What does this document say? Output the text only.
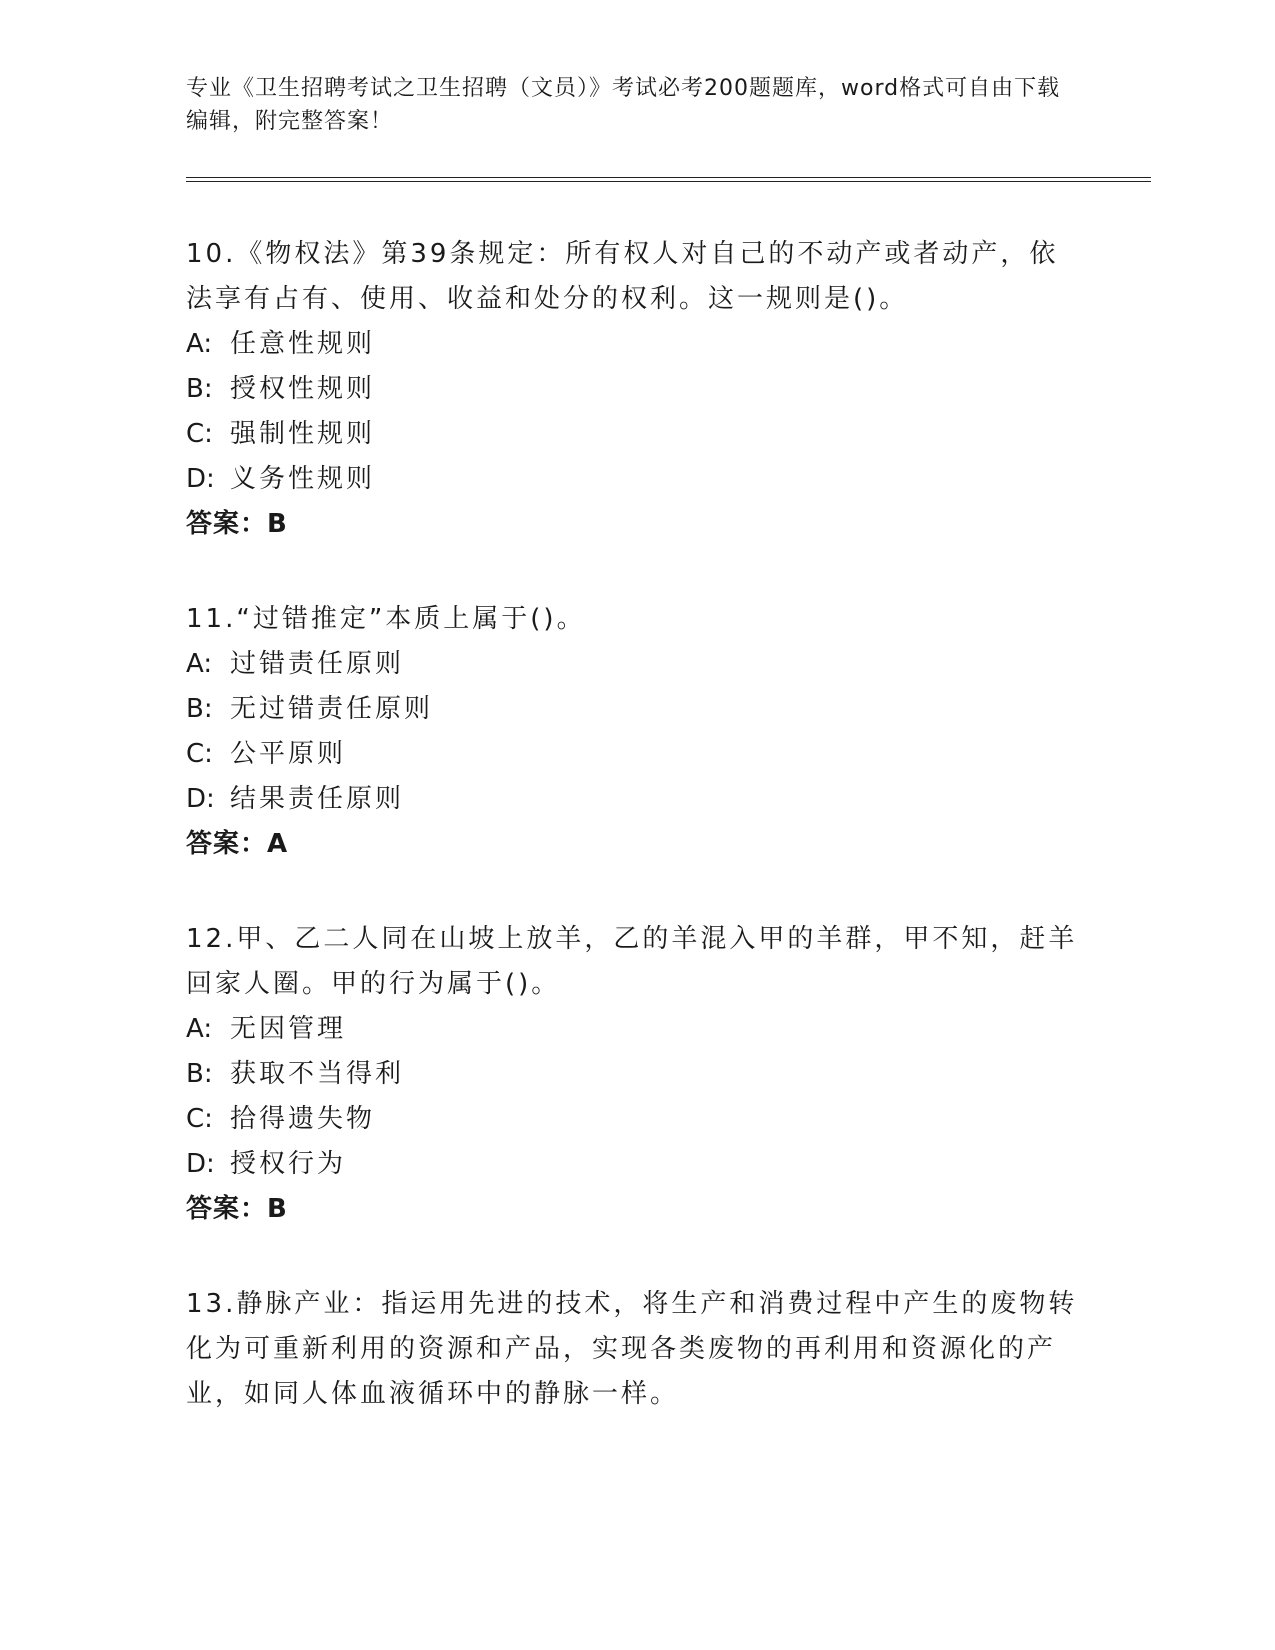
专业《卫生招聘考试之卫生招聘（文员）》考试必考200题题库，word格式可自由下载编辑，附完整答案！

10.《物权法》第39条规定：所有权人对自己的不动产或者动产，依法享有占有、使用、收益和处分的权利。这一规则是()。

A: 任意性规则

B: 授权性规则

C: 强制性规则

D: 义务性规则

答案：B

11.“过错推定”本质上属于()。

A: 过错责任原则

B: 无过错责任原则

C: 公平原则

D: 结果责任原则

答案：A

12.甲、乙二人同在山坡上放羊，乙的羊混入甲的羊群，甲不知，赶羊回家人圈。甲的行为属于()。

A: 无因管理

B: 获取不当得利

C: 拾得遗失物

D: 授权行为

答案：B

13.静脉产业：指运用先进的技术，将生产和消费过程中产生的废物转化为可重新利用的资源和产品，实现各类废物的再利用和资源化的产业，如同人体血液循环中的静脉一样。
